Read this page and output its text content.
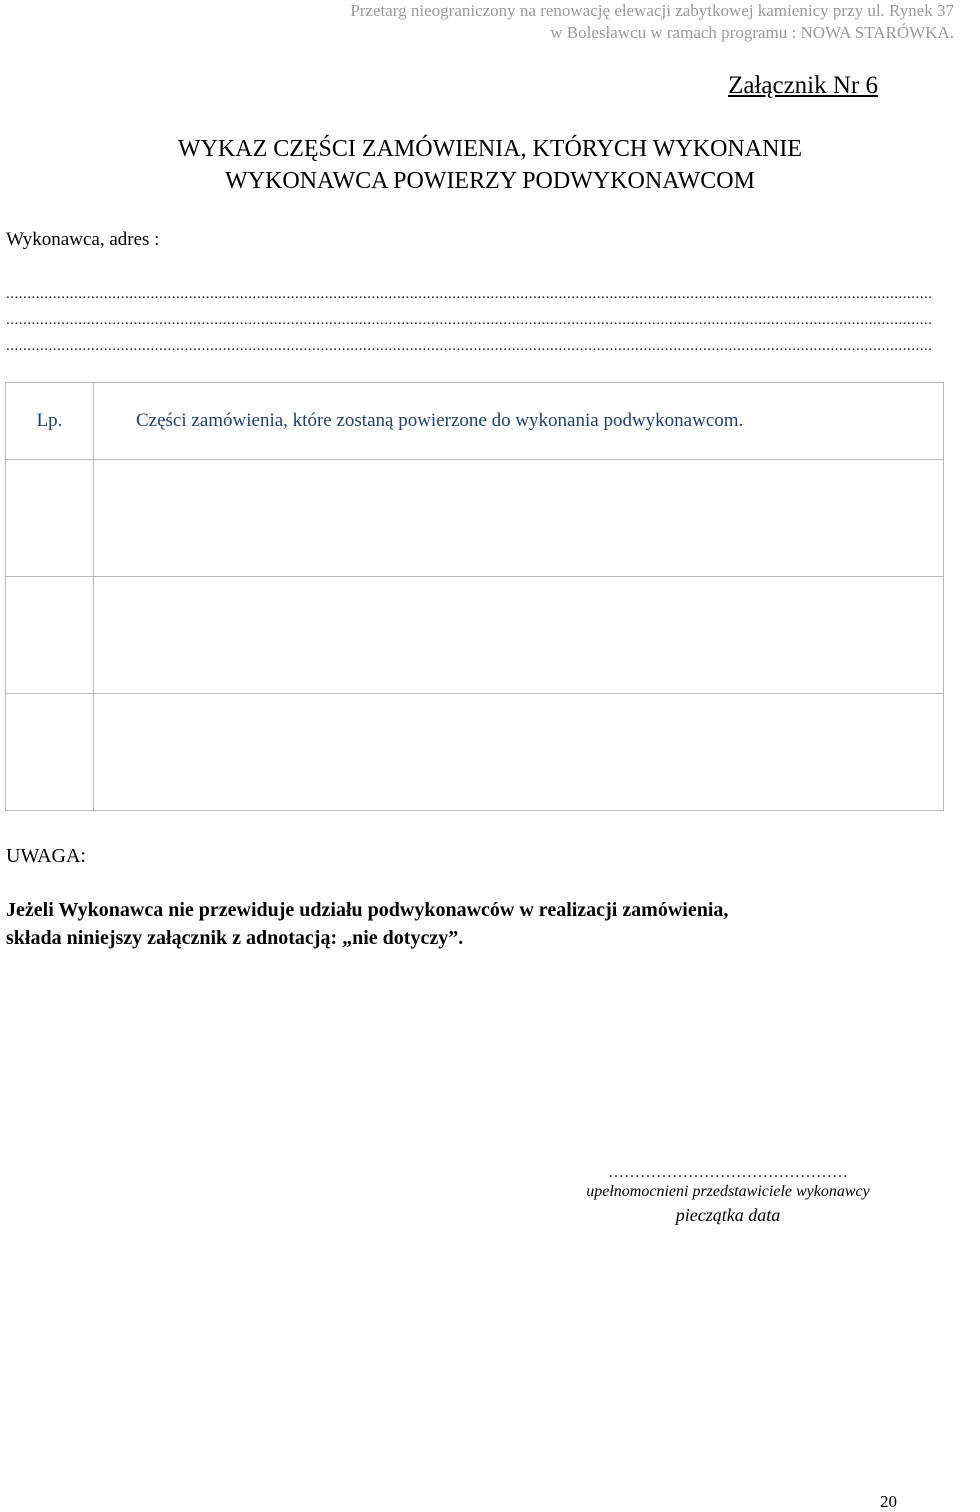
Przetarg nieograniczony na renowację elewacji zabytkowej kamienicy przy ul. Rynek 37
w Bolesławcu w ramach programu : NOWA STARÓWKA.
Załącznik Nr 6
WYKAZ CZĘŚCI ZAMÓWIENIA, KTÓRYCH WYKONANIE
WYKONAWCA POWIERZY PODWYKONAWCOM
Wykonawca, adres :
..........................................................................................................................................................................................................................
..........................................................................................................................................................................................................................
..........................................................................................................................................................................................................................
Lp.	Części zamówienia, które zostaną powierzone do wykonania podwykonawcom.

UWAGA:
Jeżeli Wykonawca nie przewiduje udziału podwykonawców w realizacji zamówienia,
składa niniejszy załącznik z adnotacją: „nie dotyczy”.
………………………………………
upełnomocnieni przedstawiciele wykonawcy
pieczątka data
20
